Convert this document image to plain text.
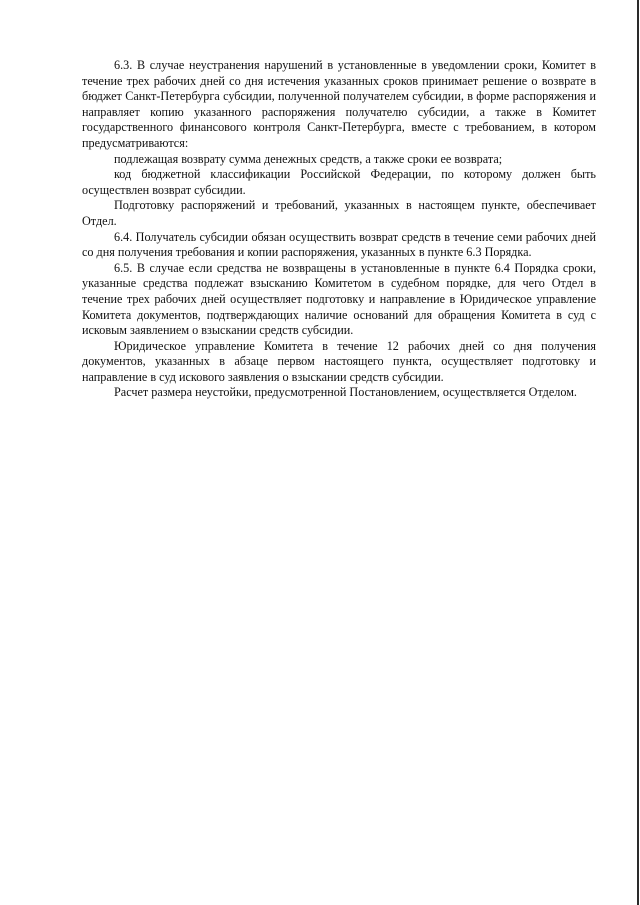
6.3. В случае неустранения нарушений в установленные в уведомлении сроки, Комитет в течение трех рабочих дней со дня истечения указанных сроков принимает решение о возврате в бюджет Санкт-Петербурга субсидии, полученной получателем субсидии, в форме распоряжения и направляет копию указанного распоряжения получателю субсидии, а также в Комитет государственного финансового контроля Санкт-Петербурга, вместе с требованием, в котором предусматриваются:

подлежащая возврату сумма денежных средств, а также сроки ее возврата;

код бюджетной классификации Российской Федерации, по которому должен быть осуществлен возврат субсидии.

Подготовку распоряжений и требований, указанных в настоящем пункте, обеспечивает Отдел.

6.4. Получатель субсидии обязан осуществить возврат средств в течение семи рабочих дней со дня получения требования и копии распоряжения, указанных в пункте 6.3 Порядка.

6.5. В случае если средства не возвращены в установленные в пункте 6.4 Порядка сроки, указанные средства подлежат взысканию Комитетом в судебном порядке, для чего Отдел в течение трех рабочих дней осуществляет подготовку и направление в Юридическое управление Комитета документов, подтверждающих наличие оснований для обращения Комитета в суд с исковым заявлением о взыскании средств субсидии.

Юридическое управление Комитета в течение 12 рабочих дней со дня получения документов, указанных в абзаце первом настоящего пункта, осуществляет подготовку и направление в суд искового заявления о взыскании средств субсидии.

Расчет размера неустойки, предусмотренной Постановлением, осуществляется Отделом.
